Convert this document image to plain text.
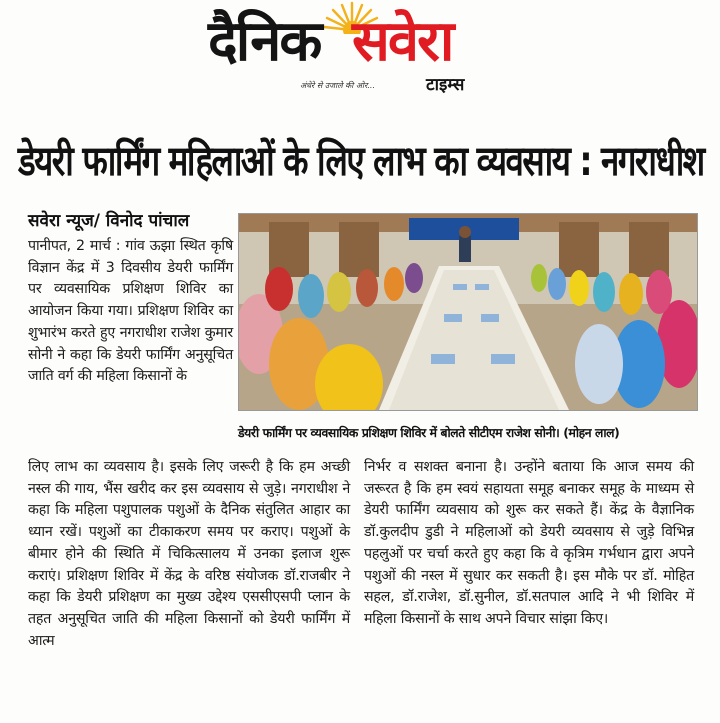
दैनिक सवेरा
अंधेरे से उजाले की ओर...	टाइम्स
डेयरी फार्मिंग महिलाओं के लिए लाभ का व्यवसाय : नगराधीश
सवेरा न्यूज/ विनोद पांचाल
पानीपत, 2 मार्च : गांव ऊझा स्थित कृषि विज्ञान केंद्र में 3 दिवसीय डेयरी फार्मिंग पर व्यवसायिक प्रशिक्षण शिविर का आयोजन किया गया। प्रशिक्षण शिविर का शुभारंभ करते हुए नगराधीश राजेश कुमार सोनी ने कहा कि डेयरी फार्मिंग अनुसूचित जाति वर्ग की महिला किसानों के
डेयरी फार्मिंग पर व्यवसायिक प्रशिक्षण शिविर में बोलते सीटीएम राजेश सोनी। (मोहन लाल)
लिए लाभ का व्यवसाय है। इसके लिए जरूरी है कि हम अच्छी नस्ल की गाय, भैंस खरीद कर इस व्यवसाय से जुड़े। नगराधीश ने कहा कि महिला पशुपालक पशुओं के दैनिक संतुलित आहार का ध्यान रखें। पशुओं का टीकाकरण समय पर कराए। पशुओं के बीमार होने की स्थिति में चिकित्सालय में उनका इलाज शुरू कराएं। प्रशिक्षण शिविर में केंद्र के वरिष्ठ संयोजक डॉ.राजबीर ने कहा कि डेयरी प्रशिक्षण का मुख्य उद्देश्य एससीएसपी प्लान के तहत अनुसूचित जाति की महिला किसानों को डेयरी फार्मिंग में आत्म
निर्भर व सशक्त बनाना है। उन्होंने बताया कि आज समय की जरूरत है कि हम स्वयं सहायता समूह बनाकर समूह के माध्यम से डेयरी फार्मिंग व्यवसाय को शुरू कर सकते हैं। केंद्र के वैज्ञानिक डॉ.कुलदीप डुडी ने महिलाओं को डेयरी व्यवसाय से जुड़े विभिन्न पहलुओं पर चर्चा करते हुए कहा कि वे कृत्रिम गर्भधान द्वारा अपने पशुओं की नस्ल में सुधार कर सकती है। इस मौके पर डॉ. मोहित सहल, डॉ.राजेश, डॉ.सुनील, डॉ.सतपाल आदि ने भी शिविर में महिला किसानों के साथ अपने विचार सांझा किए।
